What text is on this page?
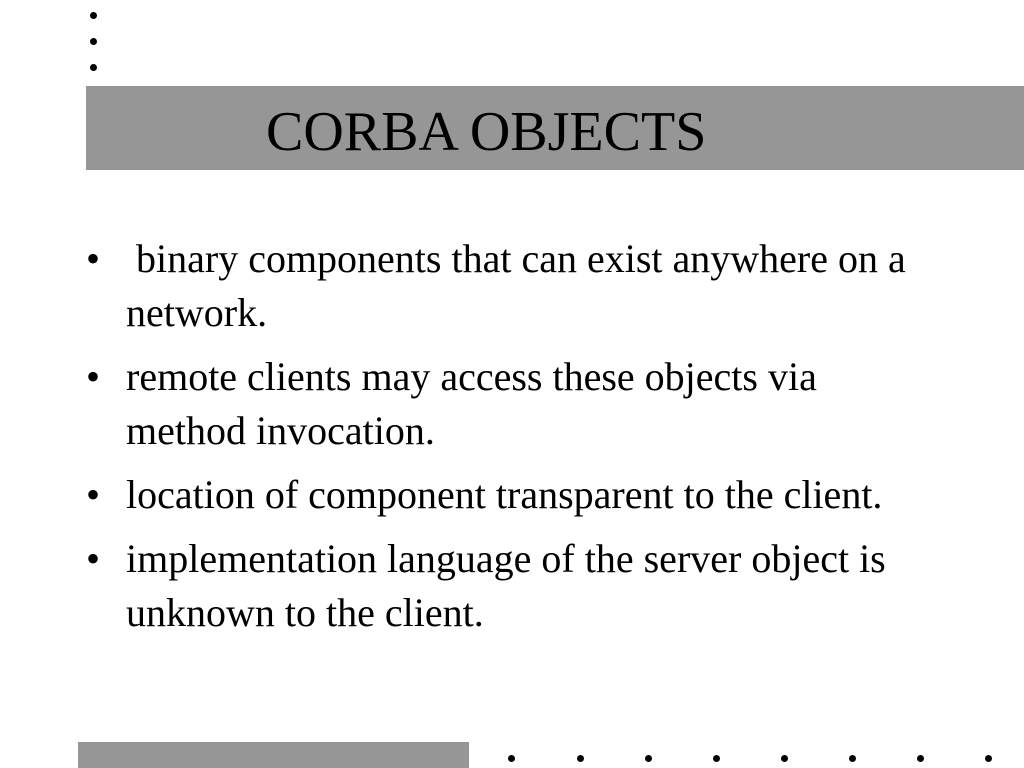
CORBA OBJECTS
• binary components that can exist anywhere on a network.
• remote clients may access these objects via method invocation.
• location of component transparent to the client.
• implementation language of the server object is unknown to the client.
